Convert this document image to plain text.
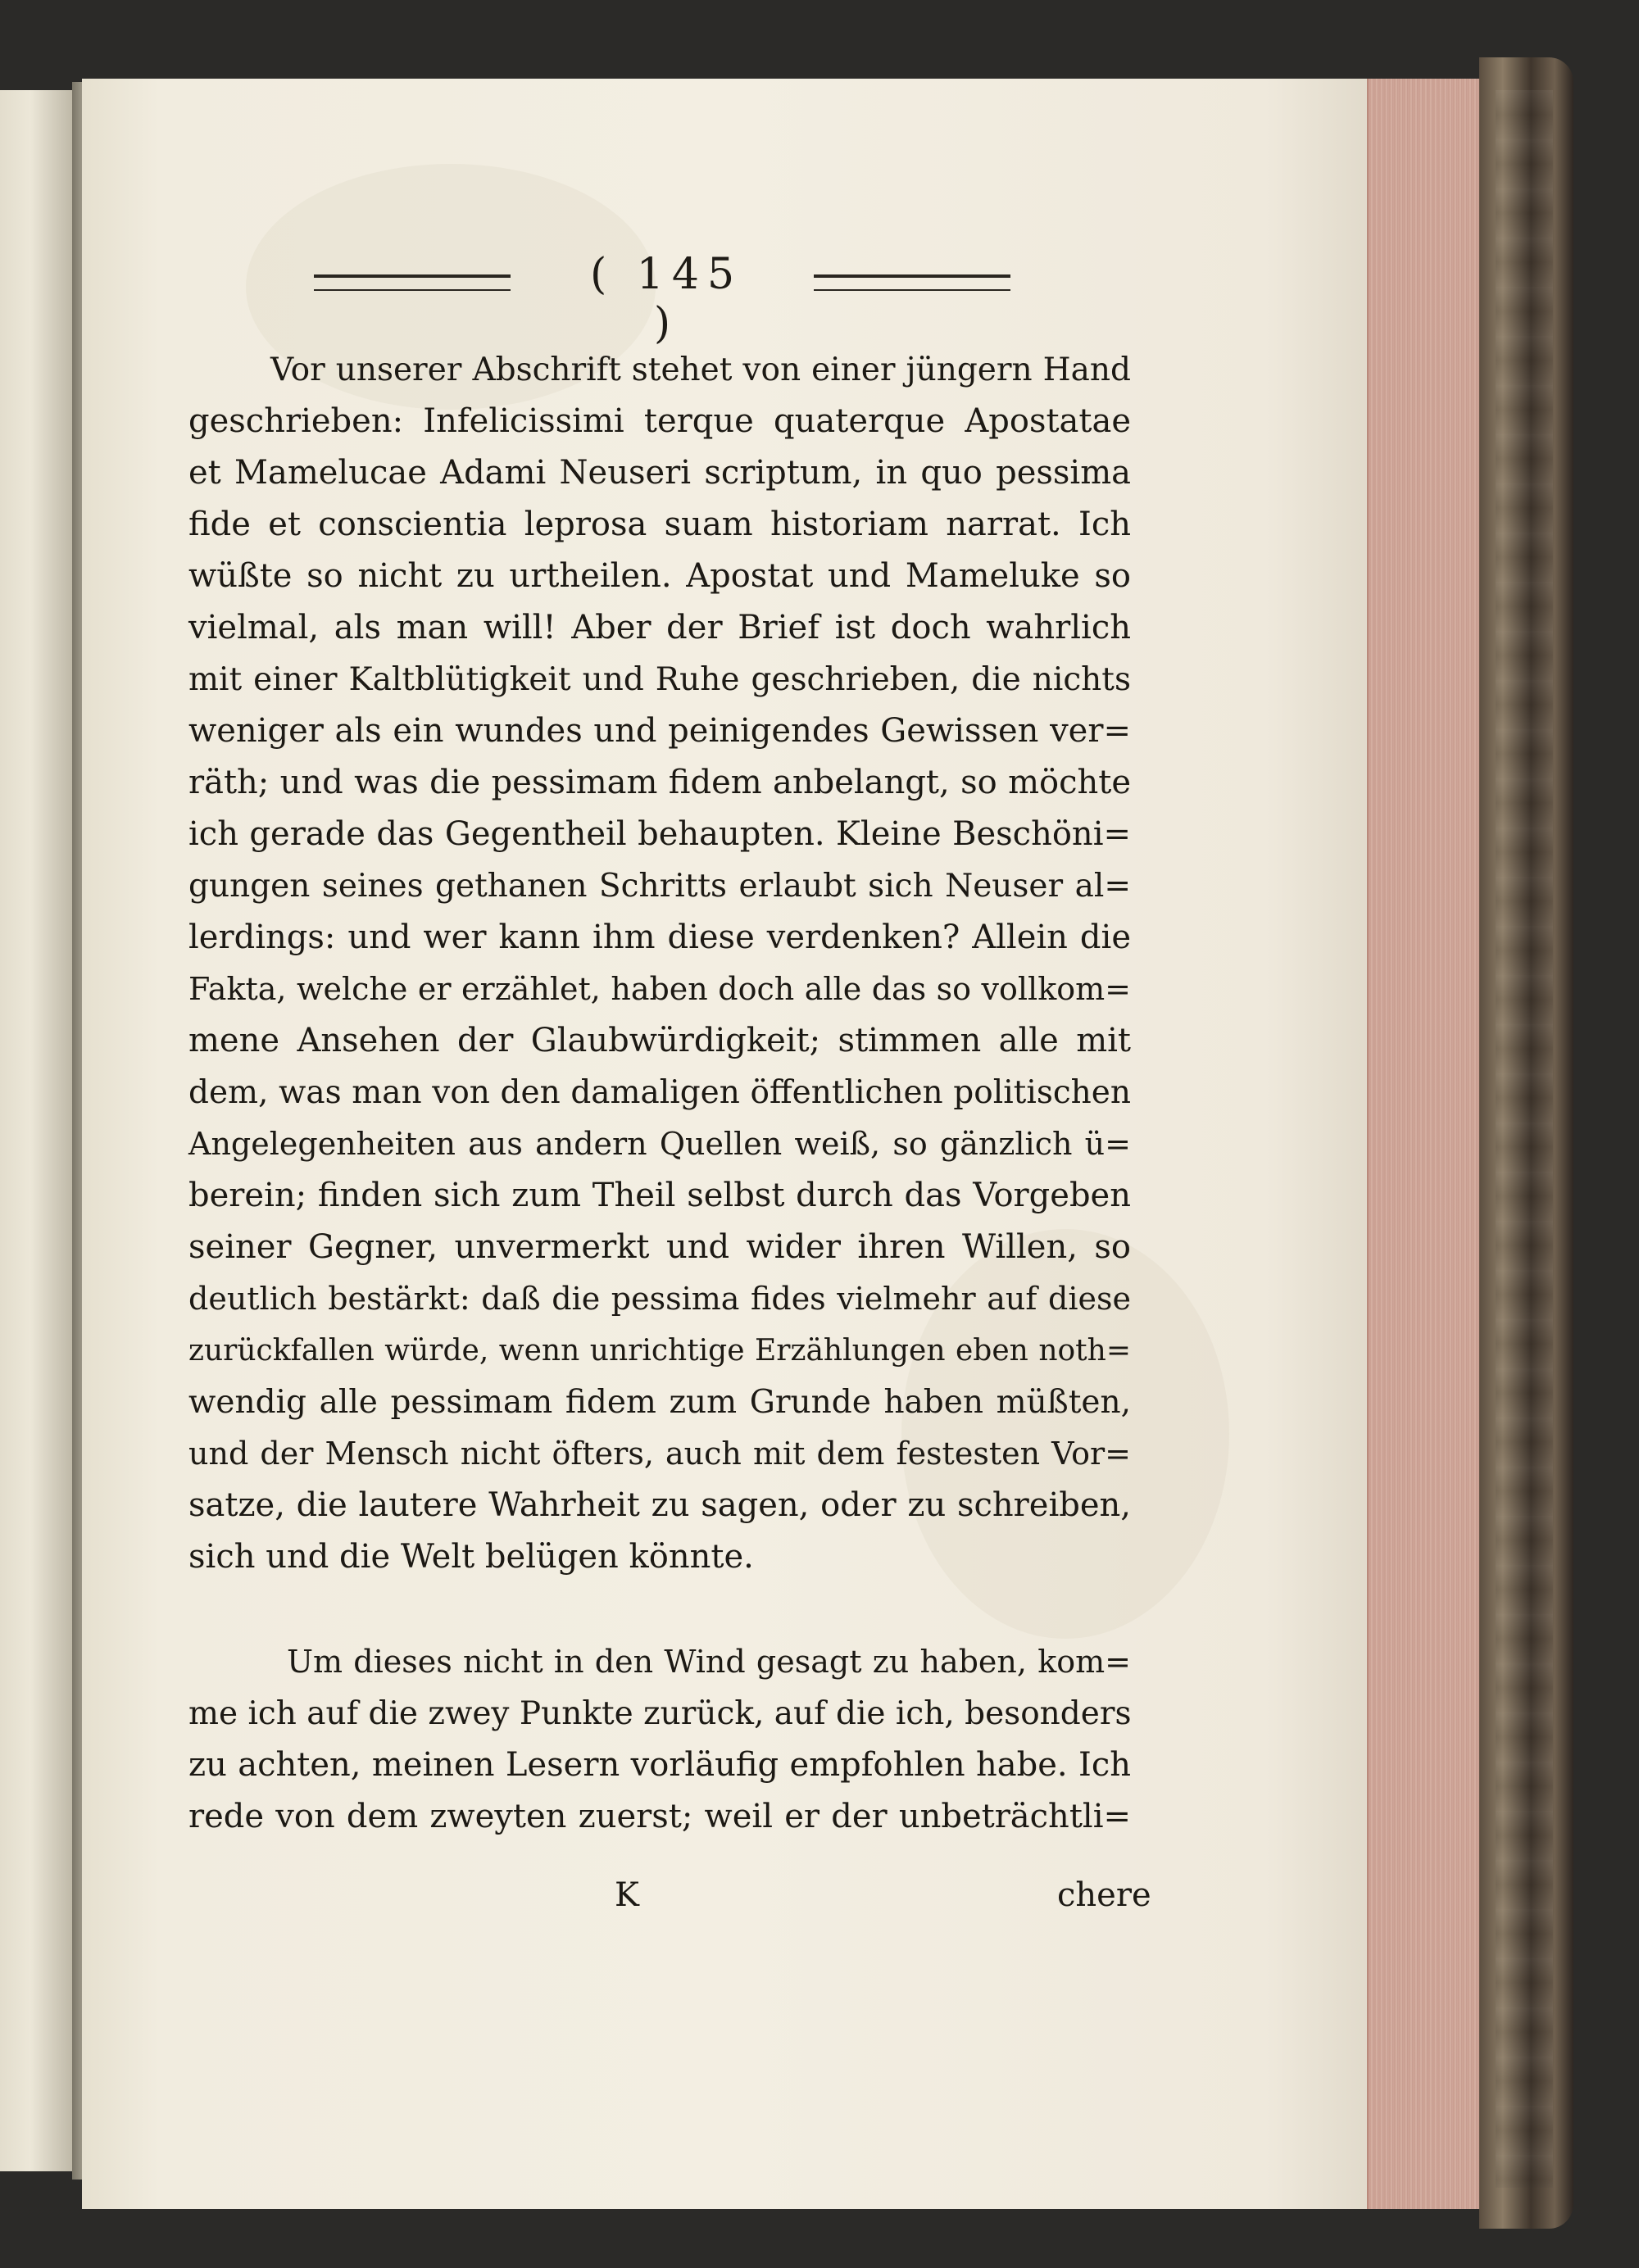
( 145 )
Vor unserer Abschrift stehet von einer jüngern Hand
geschrieben: Infelicissimi terque quaterque Apostatae
et Mamelucae Adami Neuseri scriptum, in quo pessima
fide et conscientia leprosa suam historiam narrat. Ich
wüßte so nicht zu urtheilen. Apostat und Mameluke so
vielmal, als man will! Aber der Brief ist doch wahrlich
mit einer Kaltblütigkeit und Ruhe geschrieben, die nichts
weniger als ein wundes und peinigendes Gewissen ver=
räth; und was die pessimam fidem anbelangt, so möchte
ich gerade das Gegentheil behaupten. Kleine Beschöni=
gungen seines gethanen Schritts erlaubt sich Neuser al=
lerdings: und wer kann ihm diese verdenken? Allein die
Fakta, welche er erzählet, haben doch alle das so vollkom=
mene Ansehen der Glaubwürdigkeit; stimmen alle mit
dem, was man von den damaligen öffentlichen politischen
Angelegenheiten aus andern Quellen weiß, so gänzlich ü=
berein; finden sich zum Theil selbst durch das Vorgeben
seiner Gegner, unvermerkt und wider ihren Willen, so
deutlich bestärkt: daß die pessima fides vielmehr auf diese
zurückfallen würde, wenn unrichtige Erzählungen eben noth=
wendig alle pessimam fidem zum Grunde haben müßten,
und der Mensch nicht öfters, auch mit dem festesten Vor=
satze, die lautere Wahrheit zu sagen, oder zu schreiben,
sich und die Welt belügen könnte.
Um dieses nicht in den Wind gesagt zu haben, kom=
me ich auf die zwey Punkte zurück, auf die ich, besonders
zu achten, meinen Lesern vorläufig empfohlen habe. Ich
rede von dem zweyten zuerst; weil er der unbeträchtli=
K	chere
